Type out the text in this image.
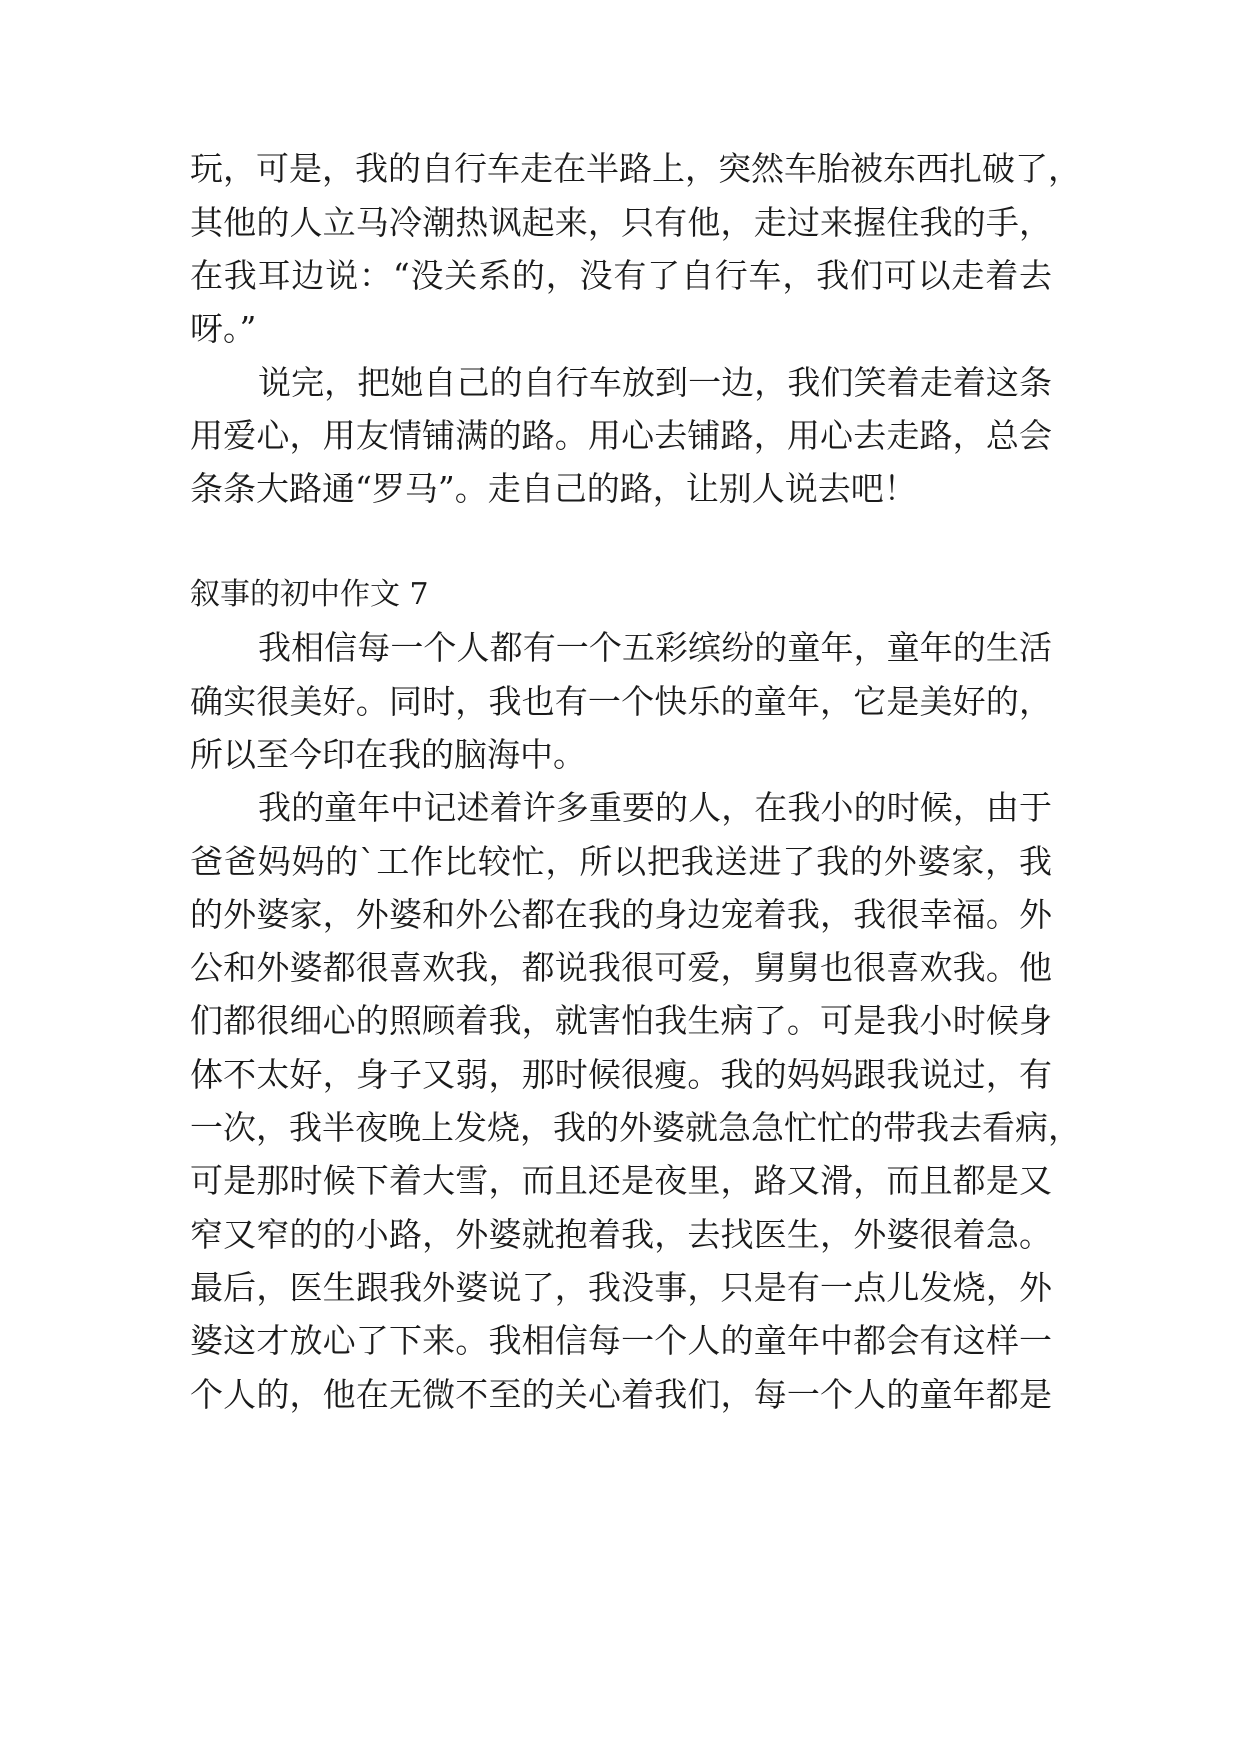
玩，可是，我的自行车走在半路上，突然车胎被东西扎破了，
其他的人立马冷潮热讽起来，只有他，走过来握住我的手，
在我耳边说：“没关系的，没有了自行车，我们可以走着去
呀。”
说完，把她自己的自行车放到一边，我们笑着走着这条
用爱心，用友情铺满的路。用心去铺路，用心去走路，总会
条条大路通“罗马”。走自己的路，让别人说去吧！
叙事的初中作文 7
我相信每一个人都有一个五彩缤纷的童年，童年的生活
确实很美好。同时，我也有一个快乐的童年，它是美好的，
所以至今印在我的脑海中。
我的童年中记述着许多重要的人，在我小的时候，由于
爸爸妈妈的`工作比较忙，所以把我送进了我的外婆家，我
的外婆家，外婆和外公都在我的身边宠着我，我很幸福。外
公和外婆都很喜欢我，都说我很可爱，舅舅也很喜欢我。他
们都很细心的照顾着我，就害怕我生病了。可是我小时候身
体不太好，身子又弱，那时候很瘦。我的妈妈跟我说过，有
一次，我半夜晚上发烧，我的外婆就急急忙忙的带我去看病，
可是那时候下着大雪，而且还是夜里，路又滑，而且都是又
窄又窄的的小路，外婆就抱着我，去找医生，外婆很着急。
最后，医生跟我外婆说了，我没事，只是有一点儿发烧，外
婆这才放心了下来。我相信每一个人的童年中都会有这样一
个人的，他在无微不至的关心着我们，每一个人的童年都是
